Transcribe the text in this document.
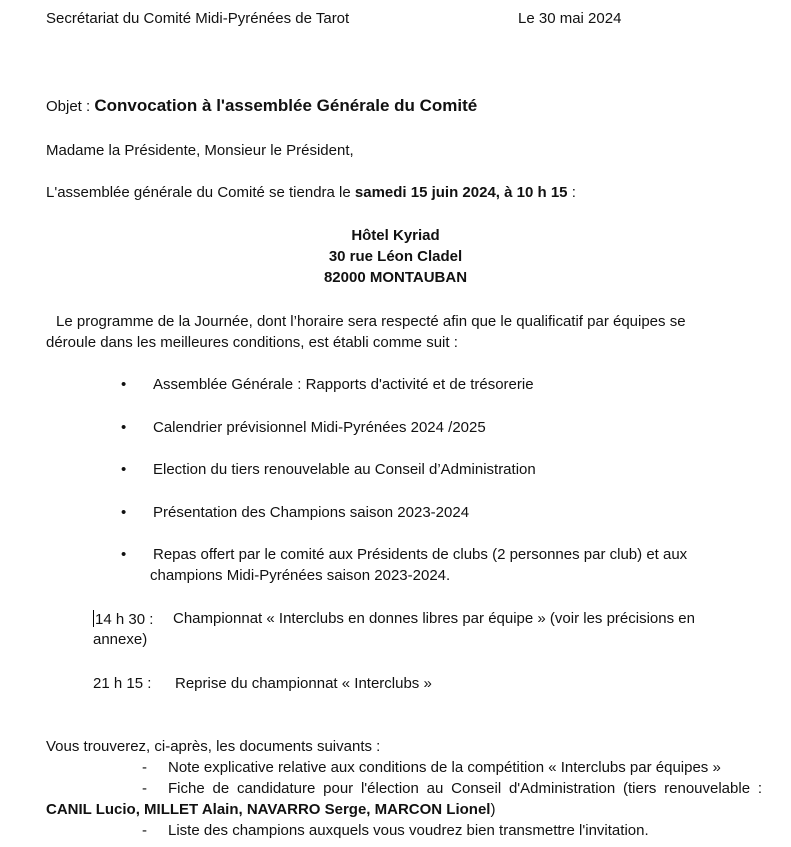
Secrétariat du Comité Midi-Pyrénées de Tarot	Le 30 mai 2024
Objet : Convocation à l'assemblée Générale du Comité
Madame la Présidente, Monsieur le Président,
L'assemblée générale du Comité se tiendra le samedi 15 juin 2024, à 10 h 15 :
Hôtel Kyriad
30 rue Léon Cladel
82000 MONTAUBAN
Le programme de la Journée, dont l’horaire sera respecté afin que le qualificatif par équipes se
déroule dans les meilleures conditions, est établi comme suit :
• Assemblée Générale : Rapports d'activité et de trésorerie
• Calendrier prévisionnel Midi-Pyrénées 2024 /2025
• Election du tiers renouvelable au Conseil d’Administration
• Présentation des Champions saison 2023-2024
• Repas offert par le comité aux Présidents de clubs (2 personnes par club) et aux
champions Midi-Pyrénées saison 2023-2024.
14 h 30 : Championnat « Interclubs en donnes libres par équipe » (voir les précisions en
annexe)
21 h 15 : Reprise du championnat « Interclubs »
Vous trouverez, ci-après, les documents suivants :
- Note explicative relative aux conditions de la compétition « Interclubs par équipes »
- Fiche de candidature pour l'élection au Conseil d'Administration (tiers renouvelable :
CANIL Lucio, MILLET Alain, NAVARRO Serge, MARCON Lionel)
- Liste des champions auxquels vous voudrez bien transmettre l'invitation.
